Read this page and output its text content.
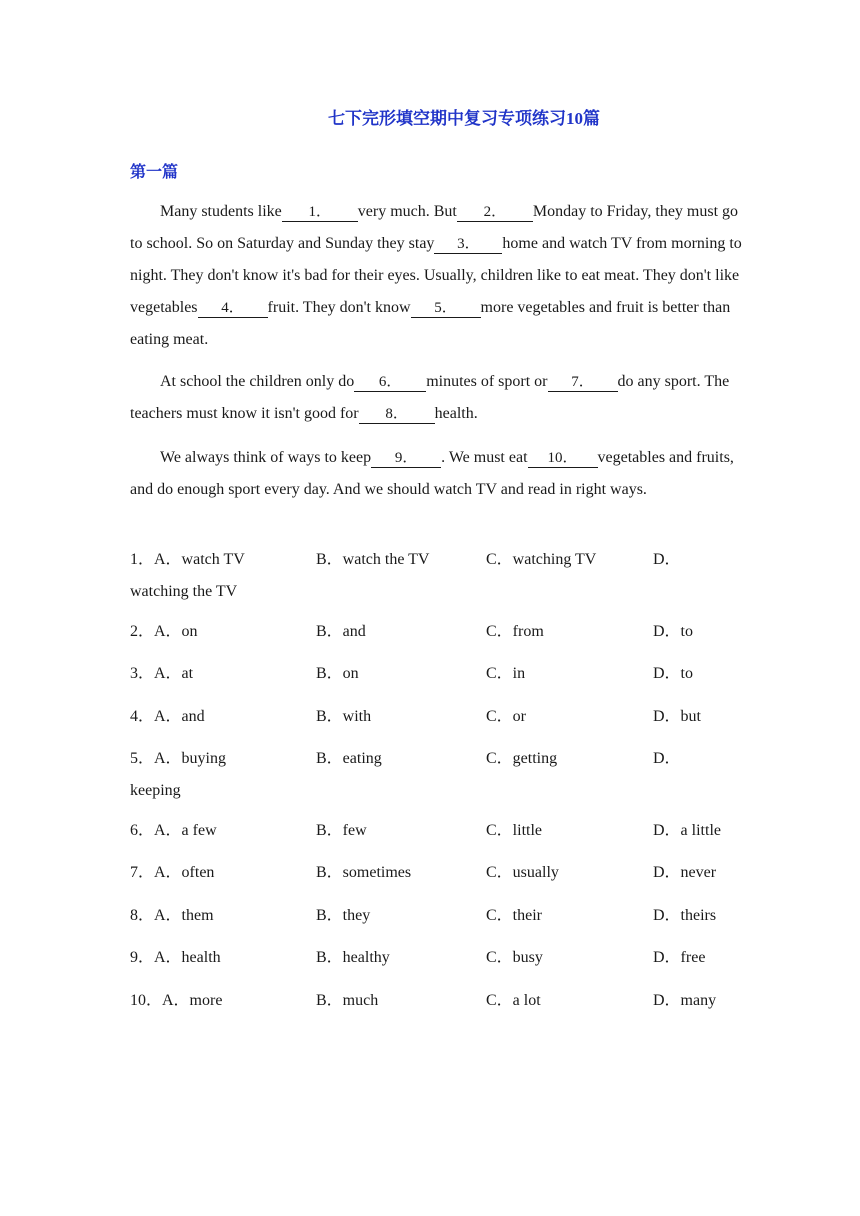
七下完形填空期中复习专项练习10篇
第一篇

Many students like 1． very much. But 2． Monday to Friday, they must go to school. So on Saturday and Sunday they stay 3． home and watch TV from morning to night. They don't know it's bad for their eyes. Usually, children like to eat meat. They don't like vegetables 4． fruit. They don't know 5． more vegetables and fruit is better than eating meat.

At school the children only do 6． minutes of sport or 7． do any sport. The teachers must know it isn't good for 8． health.

We always think of ways to keep 9． . We must eat 10． vegetables and fruits, and do enough sport every day. And we should watch TV and read in right ways.

1．A．watch TV	B．watch the TV	C．watching TV	D．
watching the TV
2．A．on	B．and	C．from	D．to
3．A．at	B．on	C．in	D．to
4．A．and	B．with	C．or	D．but
5．A．buying	B．eating	C．getting	D．
keeping
6．A．a few	B．few	C．little	D．a little
7．A．often	B．sometimes	C．usually	D．never
8．A．them	B．they	C．their	D．theirs
9．A．health	B．healthy	C．busy	D．free
10．A．more	B．much	C．a lot	D．many
